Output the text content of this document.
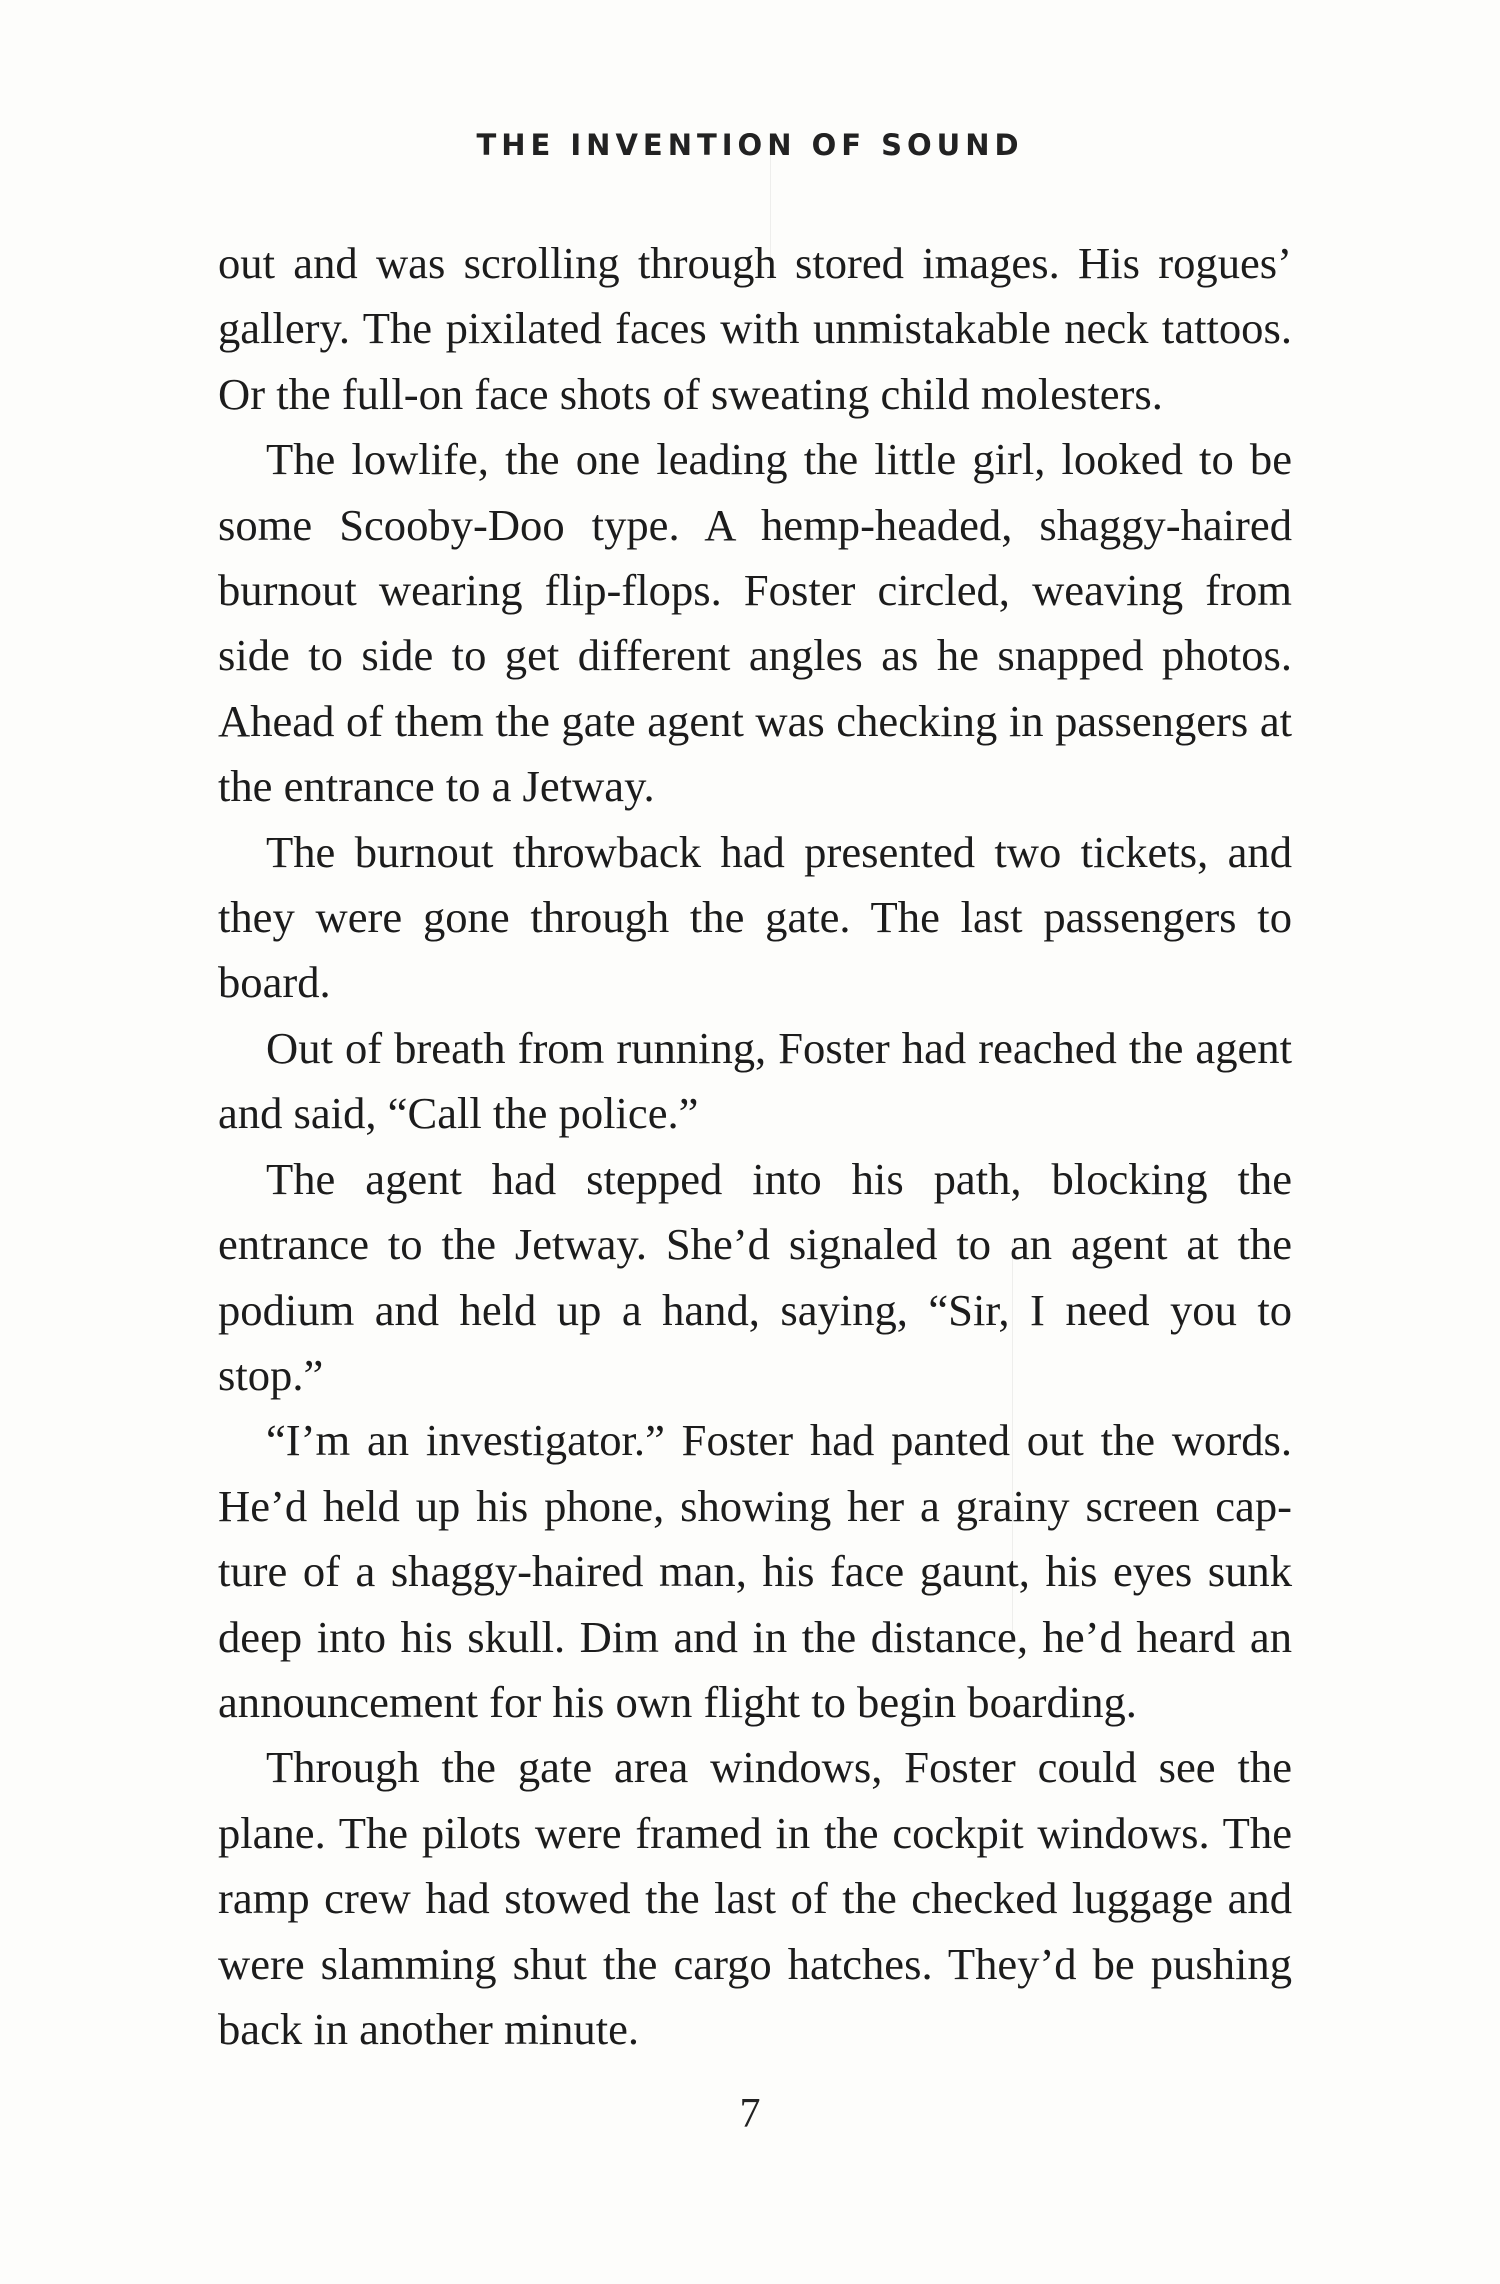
THE INVENTION OF SOUND

out and was scrolling through stored images. His rogues’ gallery. The pixilated faces with unmistakable neck tattoos. Or the full-on face shots of sweating child molesters.

The lowlife, the one leading the little girl, looked to be some Scooby-Doo type. A hemp-headed, shaggy-haired burnout wearing flip-flops. Foster circled, weaving from side to side to get different angles as he snapped photos. Ahead of them the gate agent was checking in passengers at the entrance to a Jetway.

The burnout throwback had presented two tickets, and they were gone through the gate. The last passengers to board.

Out of breath from running, Foster had reached the agent and said, “Call the police.”

The agent had stepped into his path, blocking the entrance to the Jetway. She’d signaled to an agent at the podium and held up a hand, saying, “Sir, I need you to stop.”

“I’m an investigator.” Foster had panted out the words. He’d held up his phone, showing her a grainy screen capture of a shaggy-haired man, his face gaunt, his eyes sunk deep into his skull. Dim and in the distance, he’d heard an announcement for his own flight to begin boarding.

Through the gate area windows, Foster could see the plane. The pilots were framed in the cockpit windows. The ramp crew had stowed the last of the checked luggage and were slamming shut the cargo hatches. They’d be pushing back in another minute.

7
